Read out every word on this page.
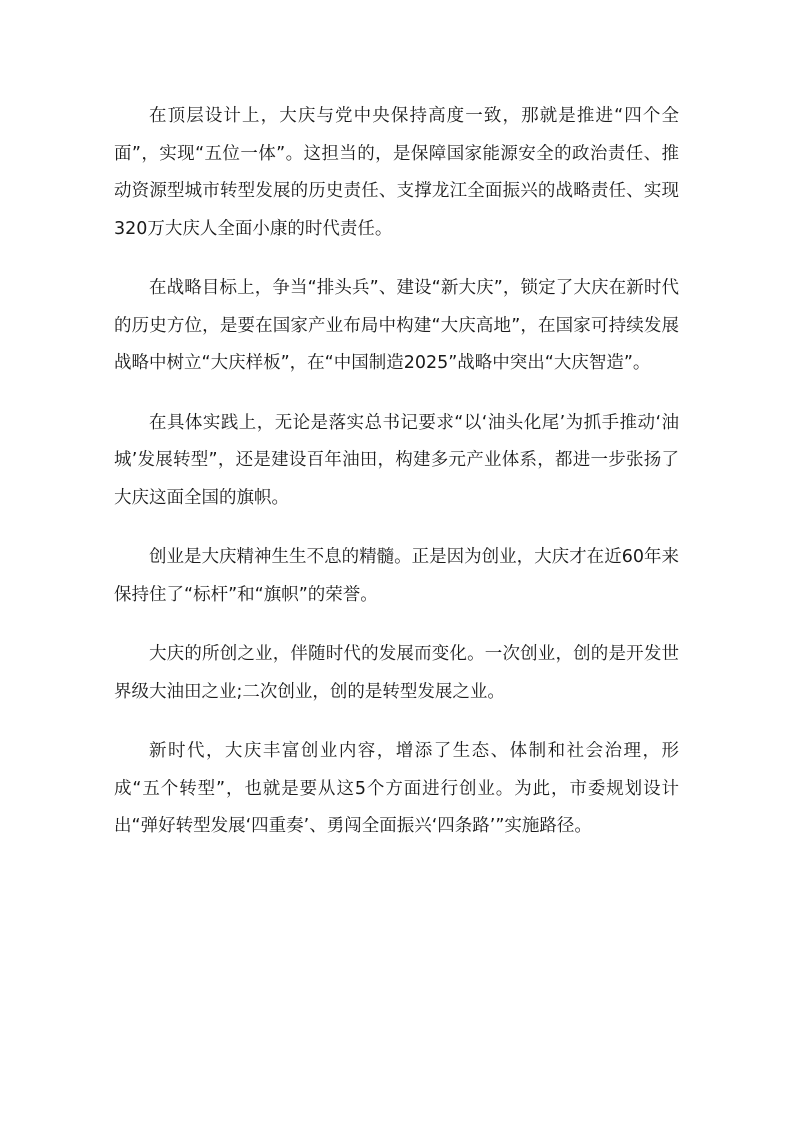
在顶层设计上，大庆与党中央保持高度一致，那就是推进“四个全面”，实现“五位一体”。这担当的，是保障国家能源安全的政治责任、推动资源型城市转型发展的历史责任、支撑龙江全面振兴的战略责任、实现320万大庆人全面小康的时代责任。

在战略目标上，争当“排头兵”、建设“新大庆”，锁定了大庆在新时代的历史方位，是要在国家产业布局中构建“大庆高地”，在国家可持续发展战略中树立“大庆样板”，在“中国制造2025”战略中突出“大庆智造”。

在具体实践上，无论是落实总书记要求“以‘油头化尾’为抓手推动‘油城’发展转型”，还是建设百年油田，构建多元产业体系，都进一步张扬了大庆这面全国的旗帜。

创业是大庆精神生生不息的精髓。正是因为创业，大庆才在近60年来保持住了“标杆”和“旗帜”的荣誉。

大庆的所创之业，伴随时代的发展而变化。一次创业，创的是开发世界级大油田之业;二次创业，创的是转型发展之业。

新时代，大庆丰富创业内容，增添了生态、体制和社会治理，形成“五个转型”，也就是要从这5个方面进行创业。为此，市委规划设计出“弹好转型发展‘四重奏’、勇闯全面振兴‘四条路’”实施路径。
